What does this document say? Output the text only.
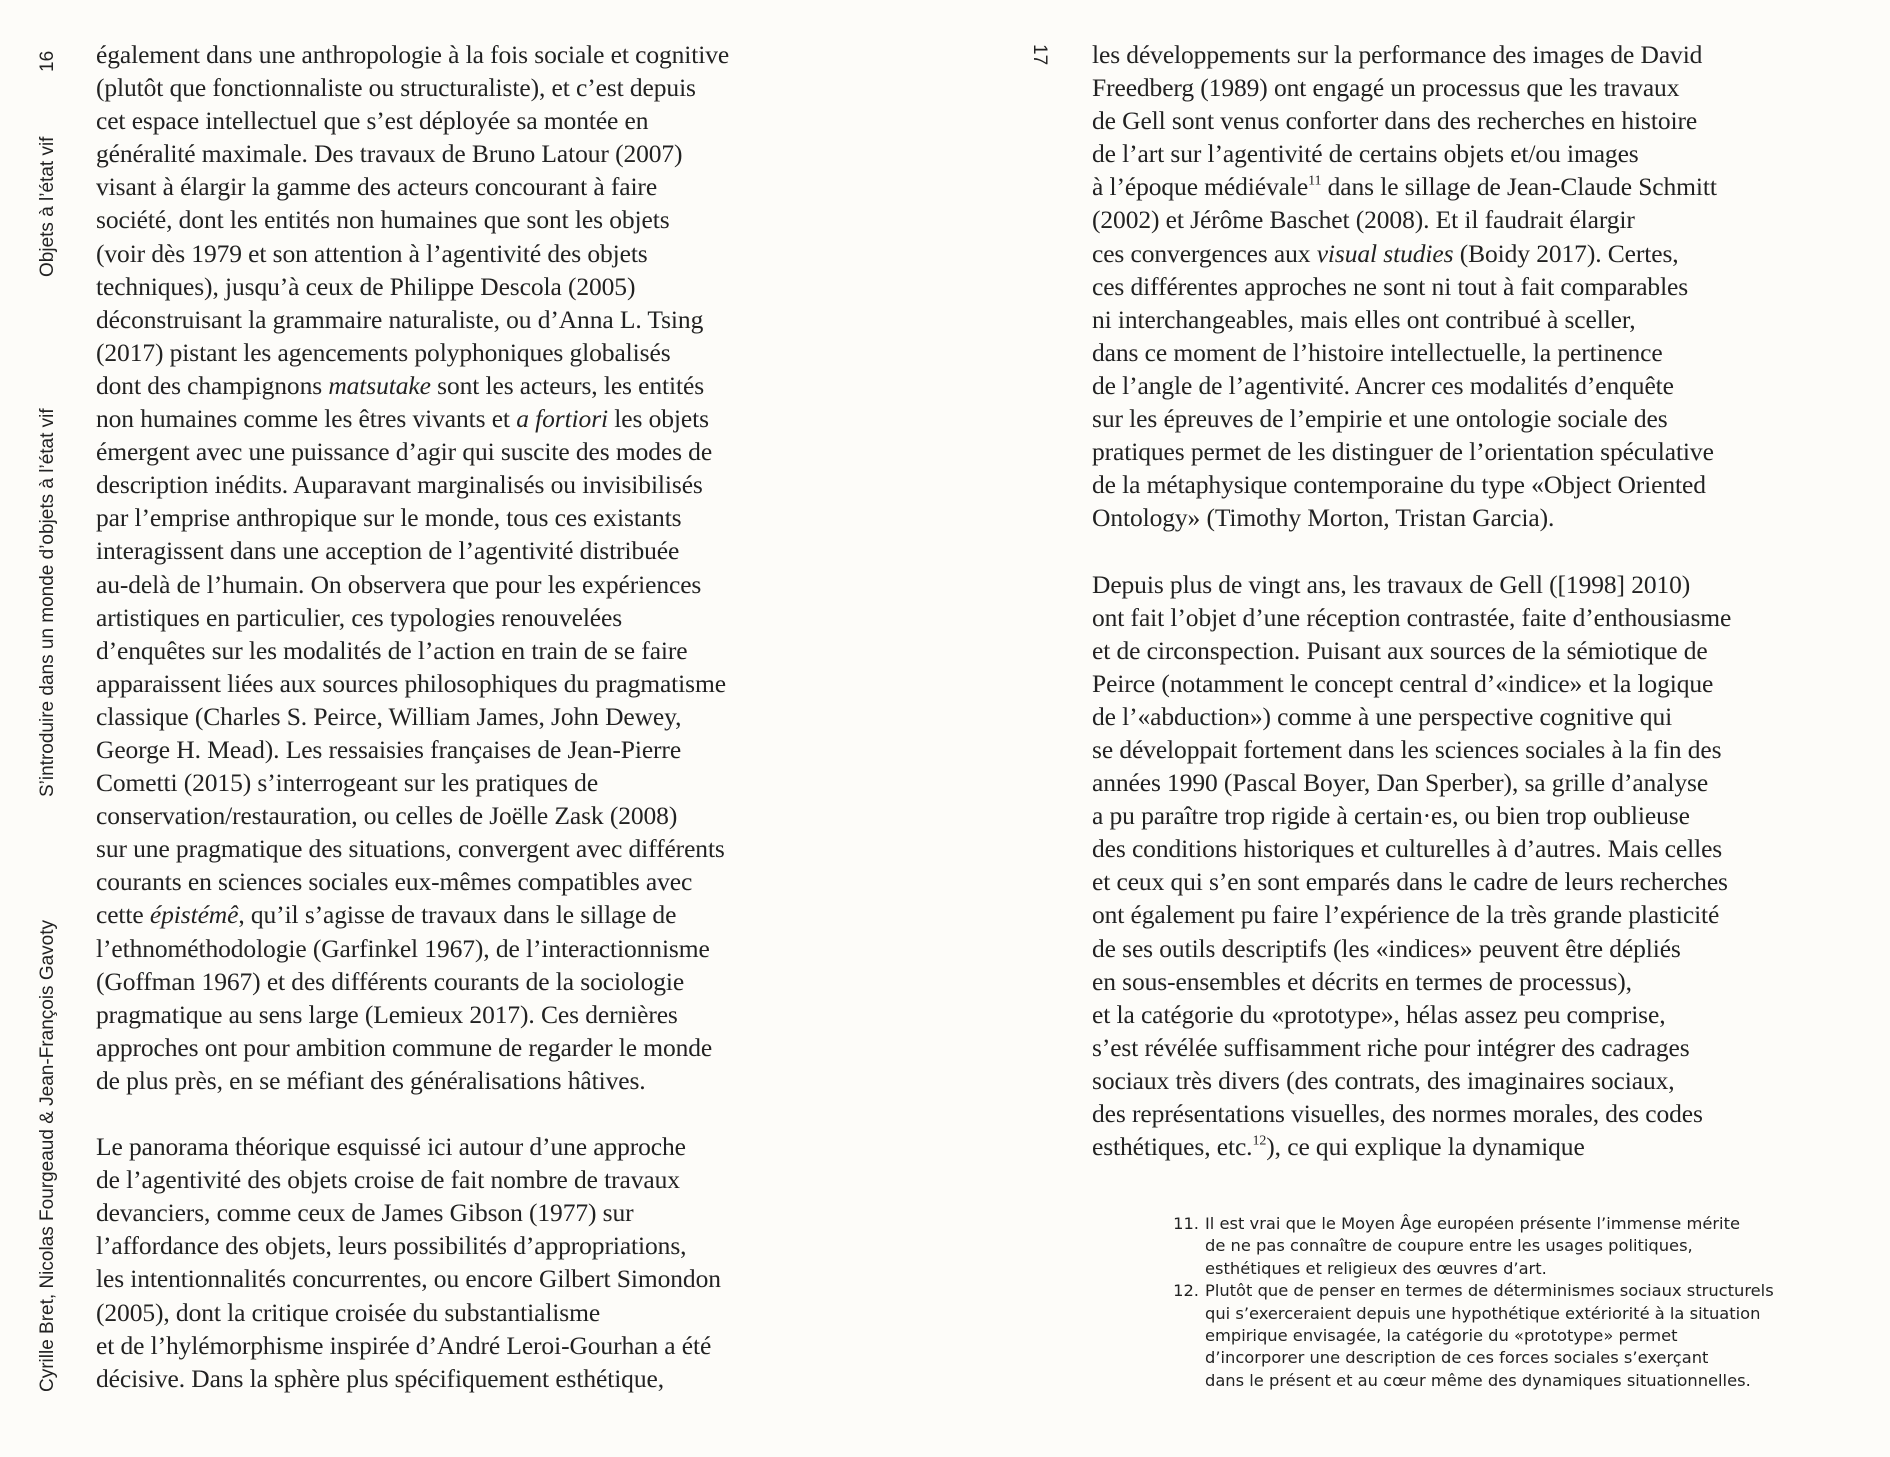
16
Objets à l’état vif
S’introduire dans un monde d’objets à l’état vif
Cyrille Bret, Nicolas Fourgeaud & Jean-François Gavoty
également dans une anthropologie à la fois sociale et cognitive
(plutôt que fonctionnaliste ou structuraliste), et c’est depuis
cet espace intellectuel que s’est déployée sa montée en
généralité maximale. Des travaux de Bruno Latour (2007)
visant à élargir la gamme des acteurs concourant à faire
société, dont les entités non humaines que sont les objets
(voir dès 1979 et son attention à l’agentivité des objets
techniques), jusqu’à ceux de Philippe Descola (2005)
déconstruisant la grammaire naturaliste, ou d’Anna L. Tsing
(2017) pistant les agencements polyphoniques globalisés
dont des champignons matsutake sont les acteurs, les entités
non humaines comme les êtres vivants et a fortiori les objets
émergent avec une puissance d’agir qui suscite des modes de
description inédits. Auparavant marginalisés ou invisibilisés
par l’emprise anthropique sur le monde, tous ces existants
interagissent dans une acception de l’agentivité distribuée
au-delà de l’humain. On observera que pour les expériences
artistiques en particulier, ces typologies renouvelées
d’enquêtes sur les modalités de l’action en train de se faire
apparaissent liées aux sources philosophiques du pragmatisme
classique (Charles S. Peirce, William James, John Dewey,
George H. Mead). Les ressaisies françaises de Jean-Pierre
Cometti (2015) s’interrogeant sur les pratiques de
conservation/restauration, ou celles de Joëlle Zask (2008)
sur une pragmatique des situations, convergent avec différents
courants en sciences sociales eux-mêmes compatibles avec
cette épistémê, qu’il s’agisse de travaux dans le sillage de
l’ethnométhodologie (Garfinkel 1967), de l’interactionnisme
(Goffman 1967) et des différents courants de la sociologie
pragmatique au sens large (Lemieux 2017). Ces dernières
approches ont pour ambition commune de regarder le monde
de plus près, en se méfiant des généralisations hâtives.
Le panorama théorique esquissé ici autour d’une approche
de l’agentivité des objets croise de fait nombre de travaux
devanciers, comme ceux de James Gibson (1977) sur
l’affordance des objets, leurs possibilités d’appropriations,
les intentionnalités concurrentes, ou encore Gilbert Simondon
(2005), dont la critique croisée du substantialisme
et de l’hylémorphisme inspirée d’André Leroi-Gourhan a été
décisive. Dans la sphère plus spécifiquement esthétique,
17 les développements sur la performance des images de David
Freedberg (1989) ont engagé un processus que les travaux
de Gell sont venus conforter dans des recherches en histoire
de l’art sur l’agentivité de certains objets et/ou images
à l’époque médiévale$^{11}$ dans le sillage de Jean-Claude Schmitt
(2002) et Jérôme Baschet (2008). Et il faudrait élargir
ces convergences aux visual studies (Boidy 2017). Certes,
ces différentes approches ne sont ni tout à fait comparables
ni interchangeables, mais elles ont contribué à sceller,
dans ce moment de l’histoire intellectuelle, la pertinence
de l’angle de l’agentivité. Ancrer ces modalités d’enquête
sur les épreuves de l’empirie et une ontologie sociale des
pratiques permet de les distinguer de l’orientation spéculative
de la métaphysique contemporaine du type «Object Oriented
Ontology» (Timothy Morton, Tristan Garcia).
Depuis plus de vingt ans, les travaux de Gell ([1998] 2010)
ont fait l’objet d’une réception contrastée, faite d’enthousiasme
et de circonspection. Puisant aux sources de la sémiotique de
Peirce (notamment le concept central d’«indice» et la logique
de l’«abduction») comme à une perspective cognitive qui
se développait fortement dans les sciences sociales à la fin des
années 1990 (Pascal Boyer, Dan Sperber), sa grille d’analyse
a pu paraître trop rigide à certain·es, ou bien trop oublieuse
des conditions historiques et culturelles à d’autres. Mais celles
et ceux qui s’en sont emparés dans le cadre de leurs recherches
ont également pu faire l’expérience de la très grande plasticité
de ses outils descriptifs (les «indices» peuvent être dépliés
en sous-ensembles et décrits en termes de processus),
et la catégorie du «prototype», hélas assez peu comprise,
s’est révélée suffisamment riche pour intégrer des cadrages
sociaux très divers (des contrats, des imaginaires sociaux,
des représentations visuelles, des normes morales, des codes
esthétiques, etc.$^{12}$), ce qui explique la dynamique
11. Il est vrai que le Moyen Âge européen présente l’immense mérite
de ne pas connaître de coupure entre les usages politiques,
esthétiques et religieux des œuvres d’art.
12. Plutôt que de penser en termes de déterminismes sociaux structurels
qui s’exerceraient depuis une hypothétique extériorité à la situation
empirique envisagée, la catégorie du «prototype» permet
d’incorporer une description de ces forces sociales s’exerçant
dans le présent et au cœur même des dynamiques situationnelles.
